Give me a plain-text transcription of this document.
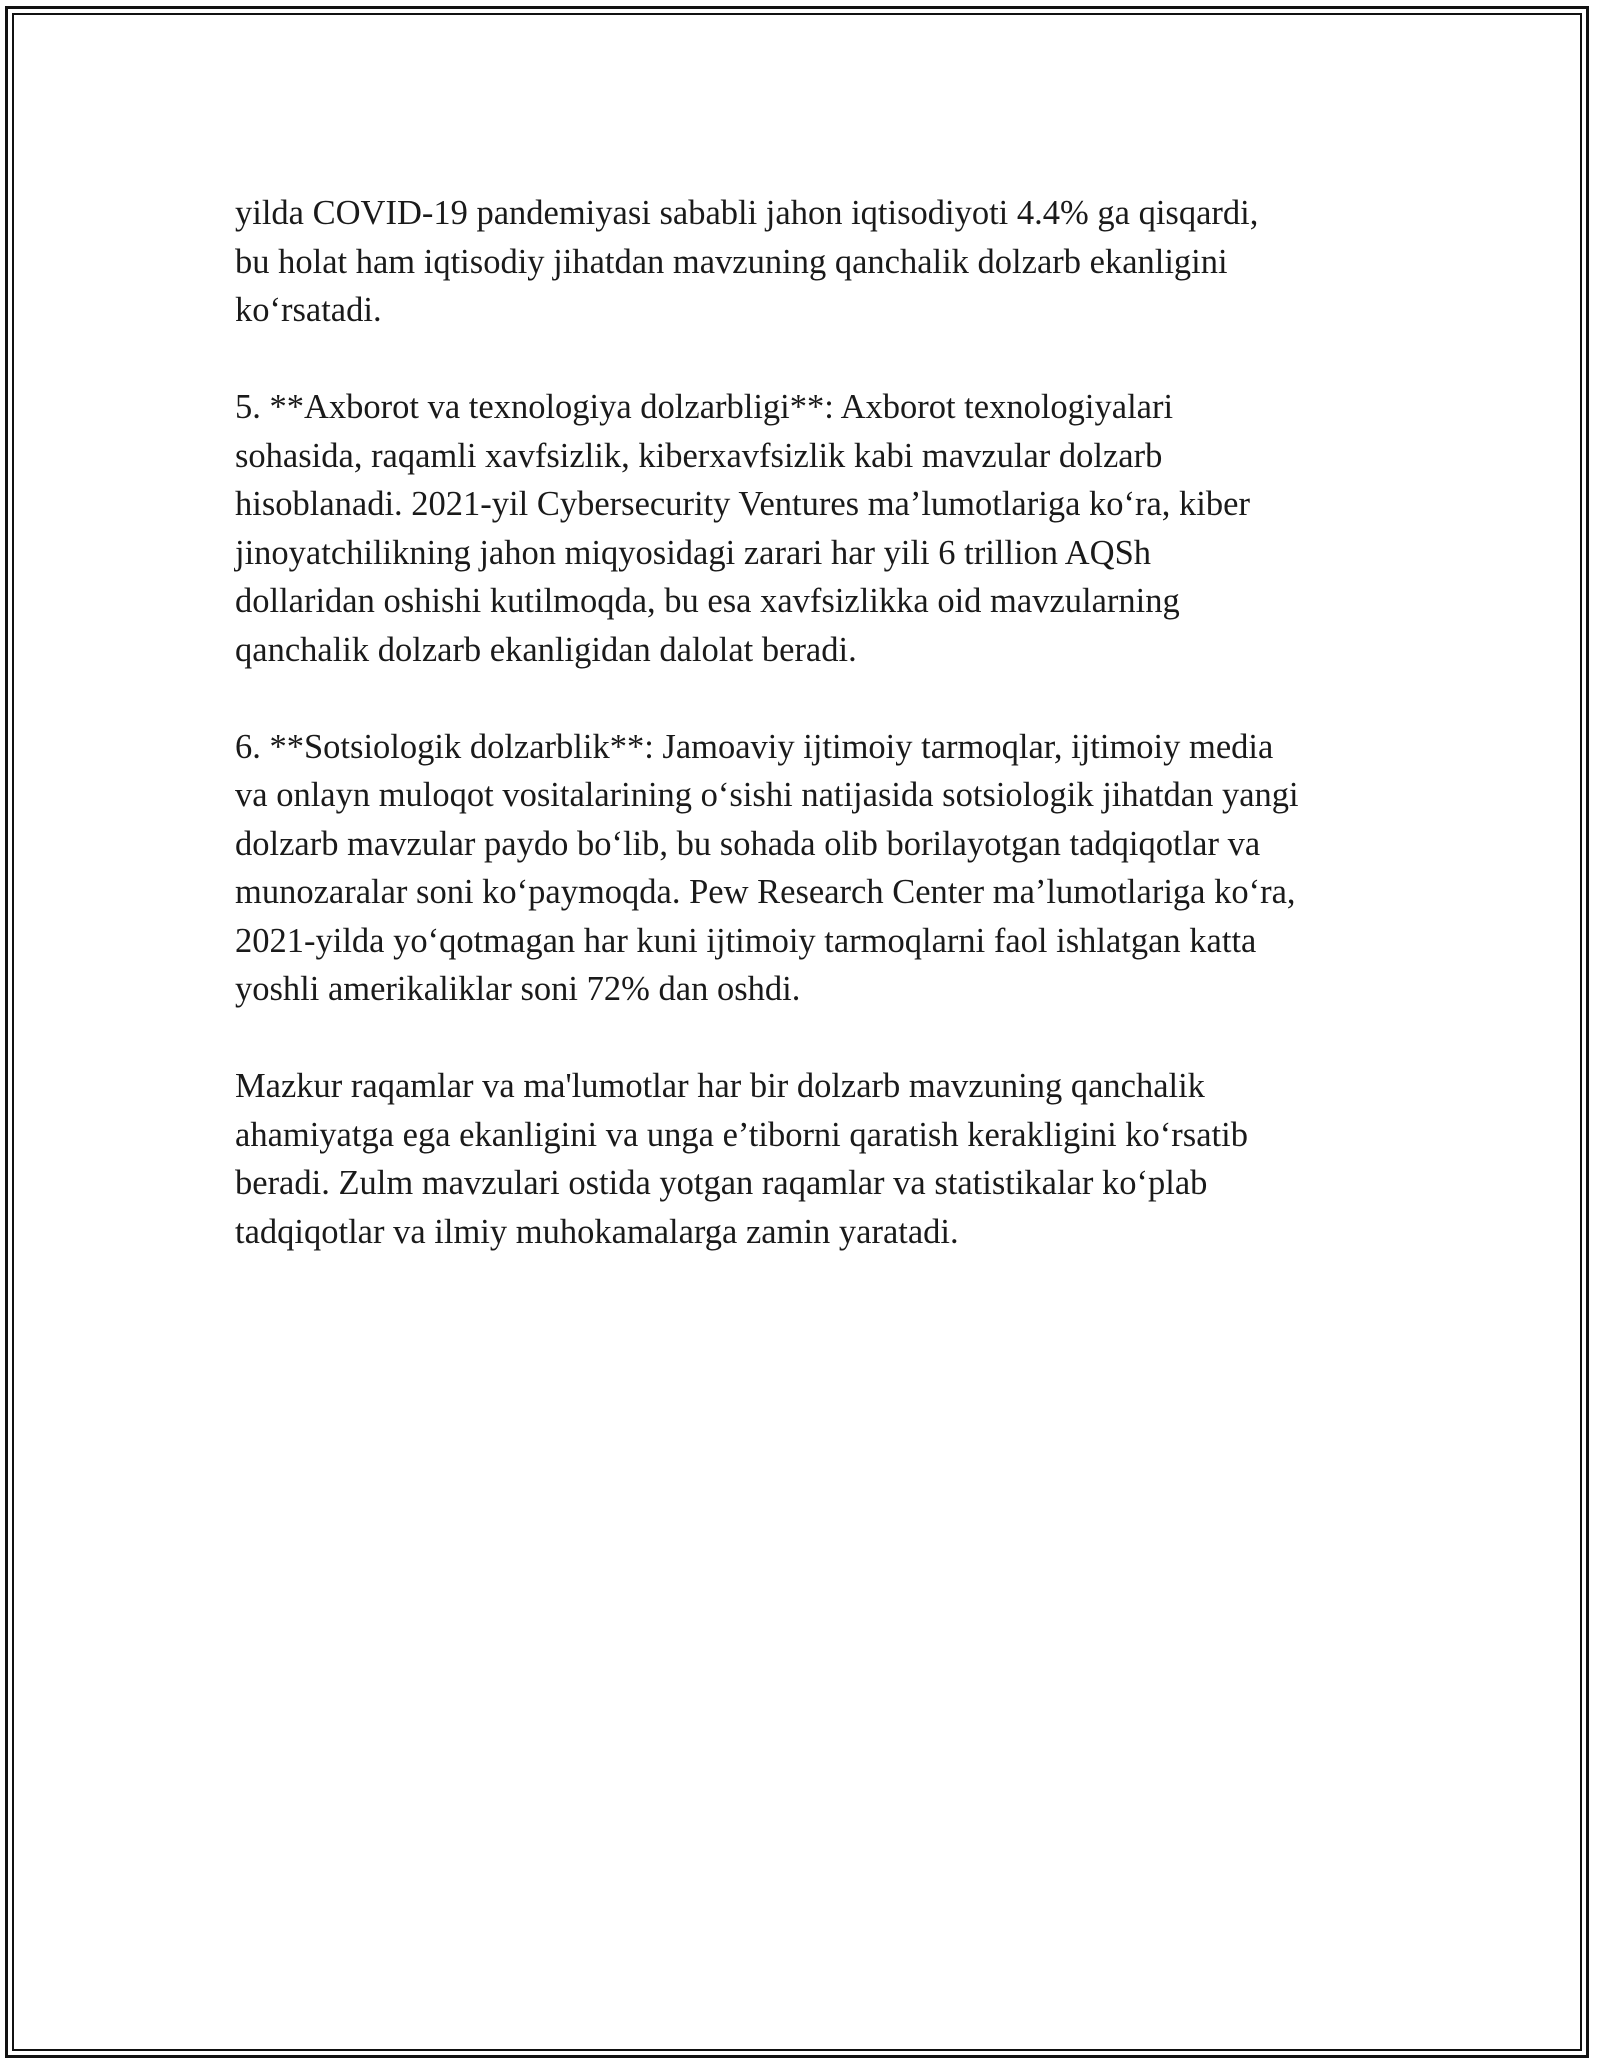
yilda COVID-19 pandemiyasi sababli jahon iqtisodiyoti 4.4% ga qisqardi,
bu holat ham iqtisodiy jihatdan mavzuning qanchalik dolzarb ekanligini
ko‘rsatadi.

5. **Axborot va texnologiya dolzarbligi**: Axborot texnologiyalari
sohasida, raqamli xavfsizlik, kiberxavfsizlik kabi mavzular dolzarb
hisoblanadi. 2021-yil Cybersecurity Ventures ma’lumotlariga ko‘ra, kiber
jinoyatchilikning jahon miqyosidagi zarari har yili 6 trillion AQSh
dollaridan oshishi kutilmoqda, bu esa xavfsizlikka oid mavzularning
qanchalik dolzarb ekanligidan dalolat beradi.

6. **Sotsiologik dolzarblik**: Jamoaviy ijtimoiy tarmoqlar, ijtimoiy media
va onlayn muloqot vositalarining o‘sishi natijasida sotsiologik jihatdan yangi
dolzarb mavzular paydo bo‘lib, bu sohada olib borilayotgan tadqiqotlar va
munozaralar soni ko‘paymoqda. Pew Research Center ma’lumotlariga ko‘ra,
2021-yilda yo‘qotmagan har kuni ijtimoiy tarmoqlarni faol ishlatgan katta
yoshli amerikaliklar soni 72% dan oshdi.

Mazkur raqamlar va ma'lumotlar har bir dolzarb mavzuning qanchalik
ahamiyatga ega ekanligini va unga e’tiborni qaratish kerakligini ko‘rsatib
beradi. Zulm mavzulari ostida yotgan raqamlar va statistikalar ko‘plab
tadqiqotlar va ilmiy muhokamalarga zamin yaratadi.
